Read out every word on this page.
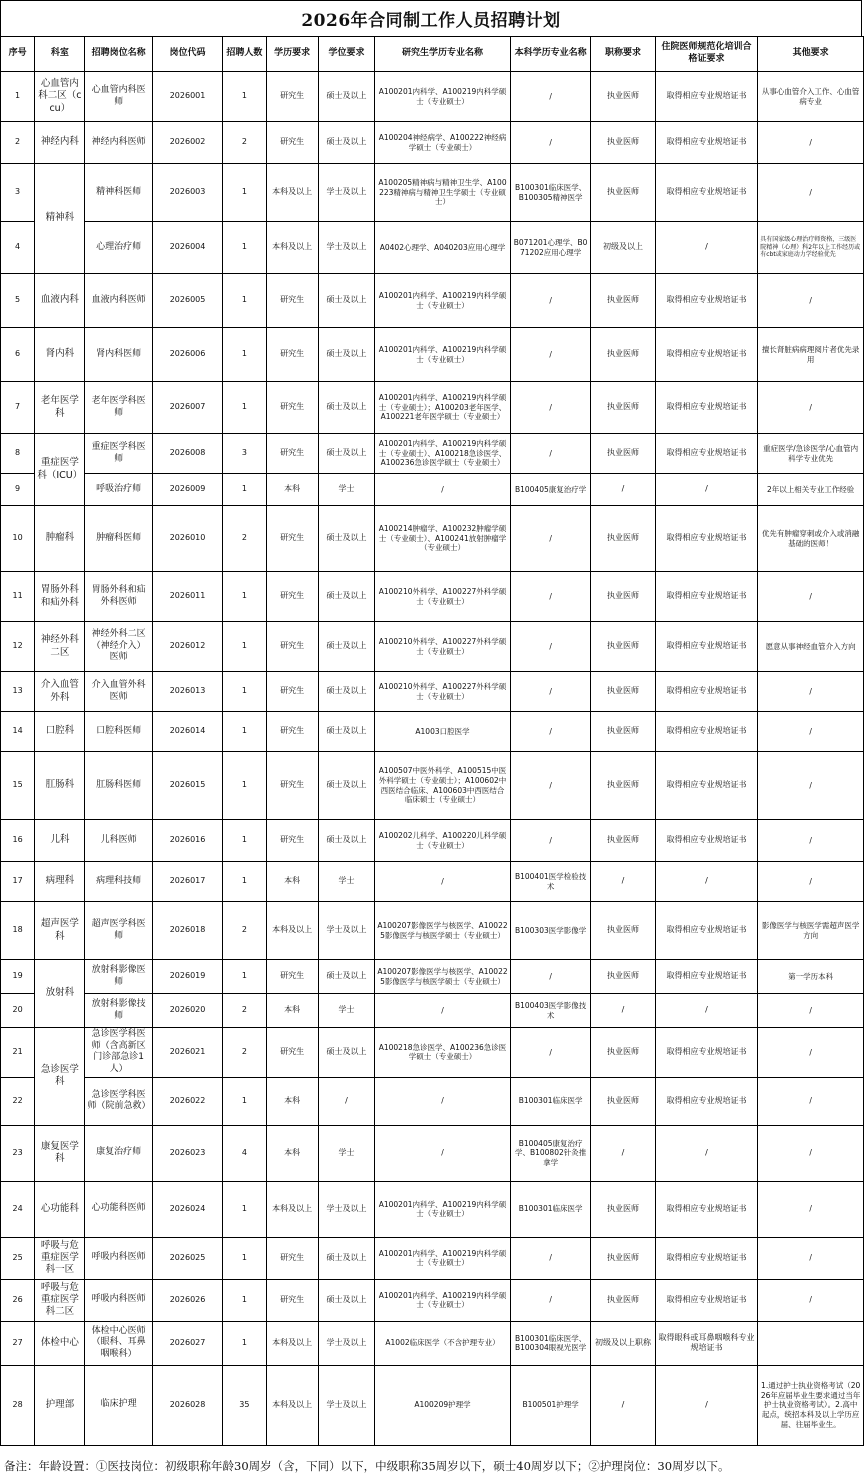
2026年合同制工作人员招聘计划
序号	科室	招聘岗位名称	岗位代码	招聘人数	学历要求	学位要求	研究生学历专业名称	本科学历专业名称	职称要求	住院医师规范化培训合格证要求	其他要求
1	心血管内科二区（ccu）	心血管内科医师	2026001	1	研究生	硕士及以上	A100201内科学、A100219内科学硕士（专业硕士）	/	执业医师	取得相应专业规培证书	从事心血管介入工作、心血管病专业
2	神经内科	神经内科医师	2026002	2	研究生	硕士及以上	A100204神经病学、A100222神经病学硕士（专业硕士）	/	执业医师	取得相应专业规培证书	/
3	精神科	精神科医师	2026003	1	本科及以上	学士及以上	A100205精神病与精神卫生学、A100223精神病与精神卫生学硕士（专业硕士）	B100301临床医学、B100305精神医学	执业医师	取得相应专业规培证书	/
4		心理治疗师	2026004	1	本科及以上	学士及以上	A0402心理学、A040203应用心理学	B071201心理学、B071202应用心理学	初级及以上	/	具有国家级心理治疗师资格，三级医院精神（心理）科2年以上工作经历或有cbt或家庭动力学经验优先
5	血液内科	血液内科医师	2026005	1	研究生	硕士及以上	A100201内科学、A100219内科学硕士（专业硕士）	/	执业医师	取得相应专业规培证书	/
6	肾内科	肾内科医师	2026006	1	研究生	硕士及以上	A100201内科学、A100219内科学硕士（专业硕士）	/	执业医师	取得相应专业规培证书	擅长肾脏病病理阅片者优先录用
7	老年医学科	老年医学科医师	2026007	1	研究生	硕士及以上	A100201内科学、A100219内科学硕士（专业硕士）；A100203老年医学、A100221老年医学硕士（专业硕士）	/	执业医师	取得相应专业规培证书	/
8	重症医学科（ICU）	重症医学科医师	2026008	3	研究生	硕士及以上	A100201内科学、A100219内科学硕士（专业硕士）、A100218急诊医学、A100236急诊医学硕士（专业硕士）	/	执业医师	取得相应专业规培证书	重症医学/急诊医学/心血管内科学专业优先
9		呼吸治疗师	2026009	1	本科	学士	/	B100405康复治疗学	/	/	2年以上相关专业工作经验
10	肿瘤科	肿瘤科医师	2026010	2	研究生	硕士及以上	A100214肿瘤学、A100232肿瘤学硕士（专业硕士）、A100241放射肿瘤学（专业硕士）	/	执业医师	取得相应专业规培证书	优先有肿瘤穿刺或介入或消融基础的医师！
11	胃肠外科和疝外科	胃肠外科和疝外科医师	2026011	1	研究生	硕士及以上	A100210外科学、A100227外科学硕士（专业硕士）	/	执业医师	取得相应专业规培证书	/
12	神经外科二区	神经外科二区（神经介入）医师	2026012	1	研究生	硕士及以上	A100210外科学、A100227外科学硕士（专业硕士）	/	执业医师	取得相应专业规培证书	愿意从事神经血管介入方向
13	介入血管外科	介入血管外科医师	2026013	1	研究生	硕士及以上	A100210外科学、A100227外科学硕士（专业硕士）	/	执业医师	取得相应专业规培证书	/
14	口腔科	口腔科医师	2026014	1	研究生	硕士及以上	A1003口腔医学	/	执业医师	取得相应专业规培证书	/
15	肛肠科	肛肠科医师	2026015	1	研究生	硕士及以上	A100507中医外科学、A100515中医外科学硕士（专业硕士）；A100602中西医结合临床、A100603中西医结合临床硕士（专业硕士）	/	执业医师	取得相应专业规培证书	/
16	儿科	儿科医师	2026016	1	研究生	硕士及以上	A100202儿科学、A100220儿科学硕士（专业硕士）	/	执业医师	取得相应专业规培证书	/
17	病理科	病理科技师	2026017	1	本科	学士	/	B100401医学检验技术	/	/	/
18	超声医学科	超声医学科医师	2026018	2	本科及以上	学士及以上	A100207影像医学与核医学、A100225影像医学与核医学硕士（专业硕士）	B100303医学影像学	执业医师	取得相应专业规培证书	影像医学与核医学需超声医学方向
19	放射科	放射科影像医师	2026019	1	研究生	硕士及以上	A100207影像医学与核医学、A100225影像医学与核医学硕士（专业硕士）	/	执业医师	取得相应专业规培证书	第一学历本科
20		放射科影像技师	2026020	2	本科	学士	/	B100403医学影像技术	/	/	/
21	急诊医学科	急诊医学科医师（含高新区门诊部急诊1人）	2026021	2	研究生	硕士及以上	A100218急诊医学、A100236急诊医学硕士（专业硕士）	/	执业医师	取得相应专业规培证书	/
22		急诊医学科医师（院前急救）	2026022	1	本科	/	/	B100301临床医学	执业医师	取得相应专业规培证书	/
23	康复医学科	康复治疗师	2026023	4	本科	学士	/	B100405康复治疗学、B100802针灸推拿学	/	/	/
24	心功能科	心功能科医师	2026024	1	本科及以上	学士及以上	A100201内科学、A100219内科学硕士（专业硕士）	B100301临床医学	执业医师	取得相应专业规培证书	/
25	呼吸与危重症医学科一区	呼吸内科医师	2026025	1	研究生	硕士及以上	A100201内科学、A100219内科学硕士（专业硕士）	/	执业医师	取得相应专业规培证书	/
26	呼吸与危重症医学科二区	呼吸内科医师	2026026	1	研究生	硕士及以上	A100201内科学、A100219内科学硕士（专业硕士）	/	执业医师	取得相应专业规培证书	/
27	体检中心	体检中心医师（眼科、耳鼻咽喉科）	2026027	1	本科及以上	学士及以上	A1002临床医学（不含护理专业）	B100301临床医学、B100304眼视光医学	初级及以上职称	取得眼科或耳鼻咽喉科专业规培证书	
28	护理部	临床护理	2026028	35	本科及以上	学士及以上	A100209护理学	B100501护理学	/	/	1.通过护士执业资格考试（2026年应届毕业生要求通过当年护士执业资格考试）。2.高中起点，统招本科及以上学历应届、往届毕业生。
备注：年龄设置：①医技岗位：初级职称年龄30周岁（含，下同）以下，中级职称35周岁以下，硕士40周岁以下；②护理岗位：30周岁以下。
